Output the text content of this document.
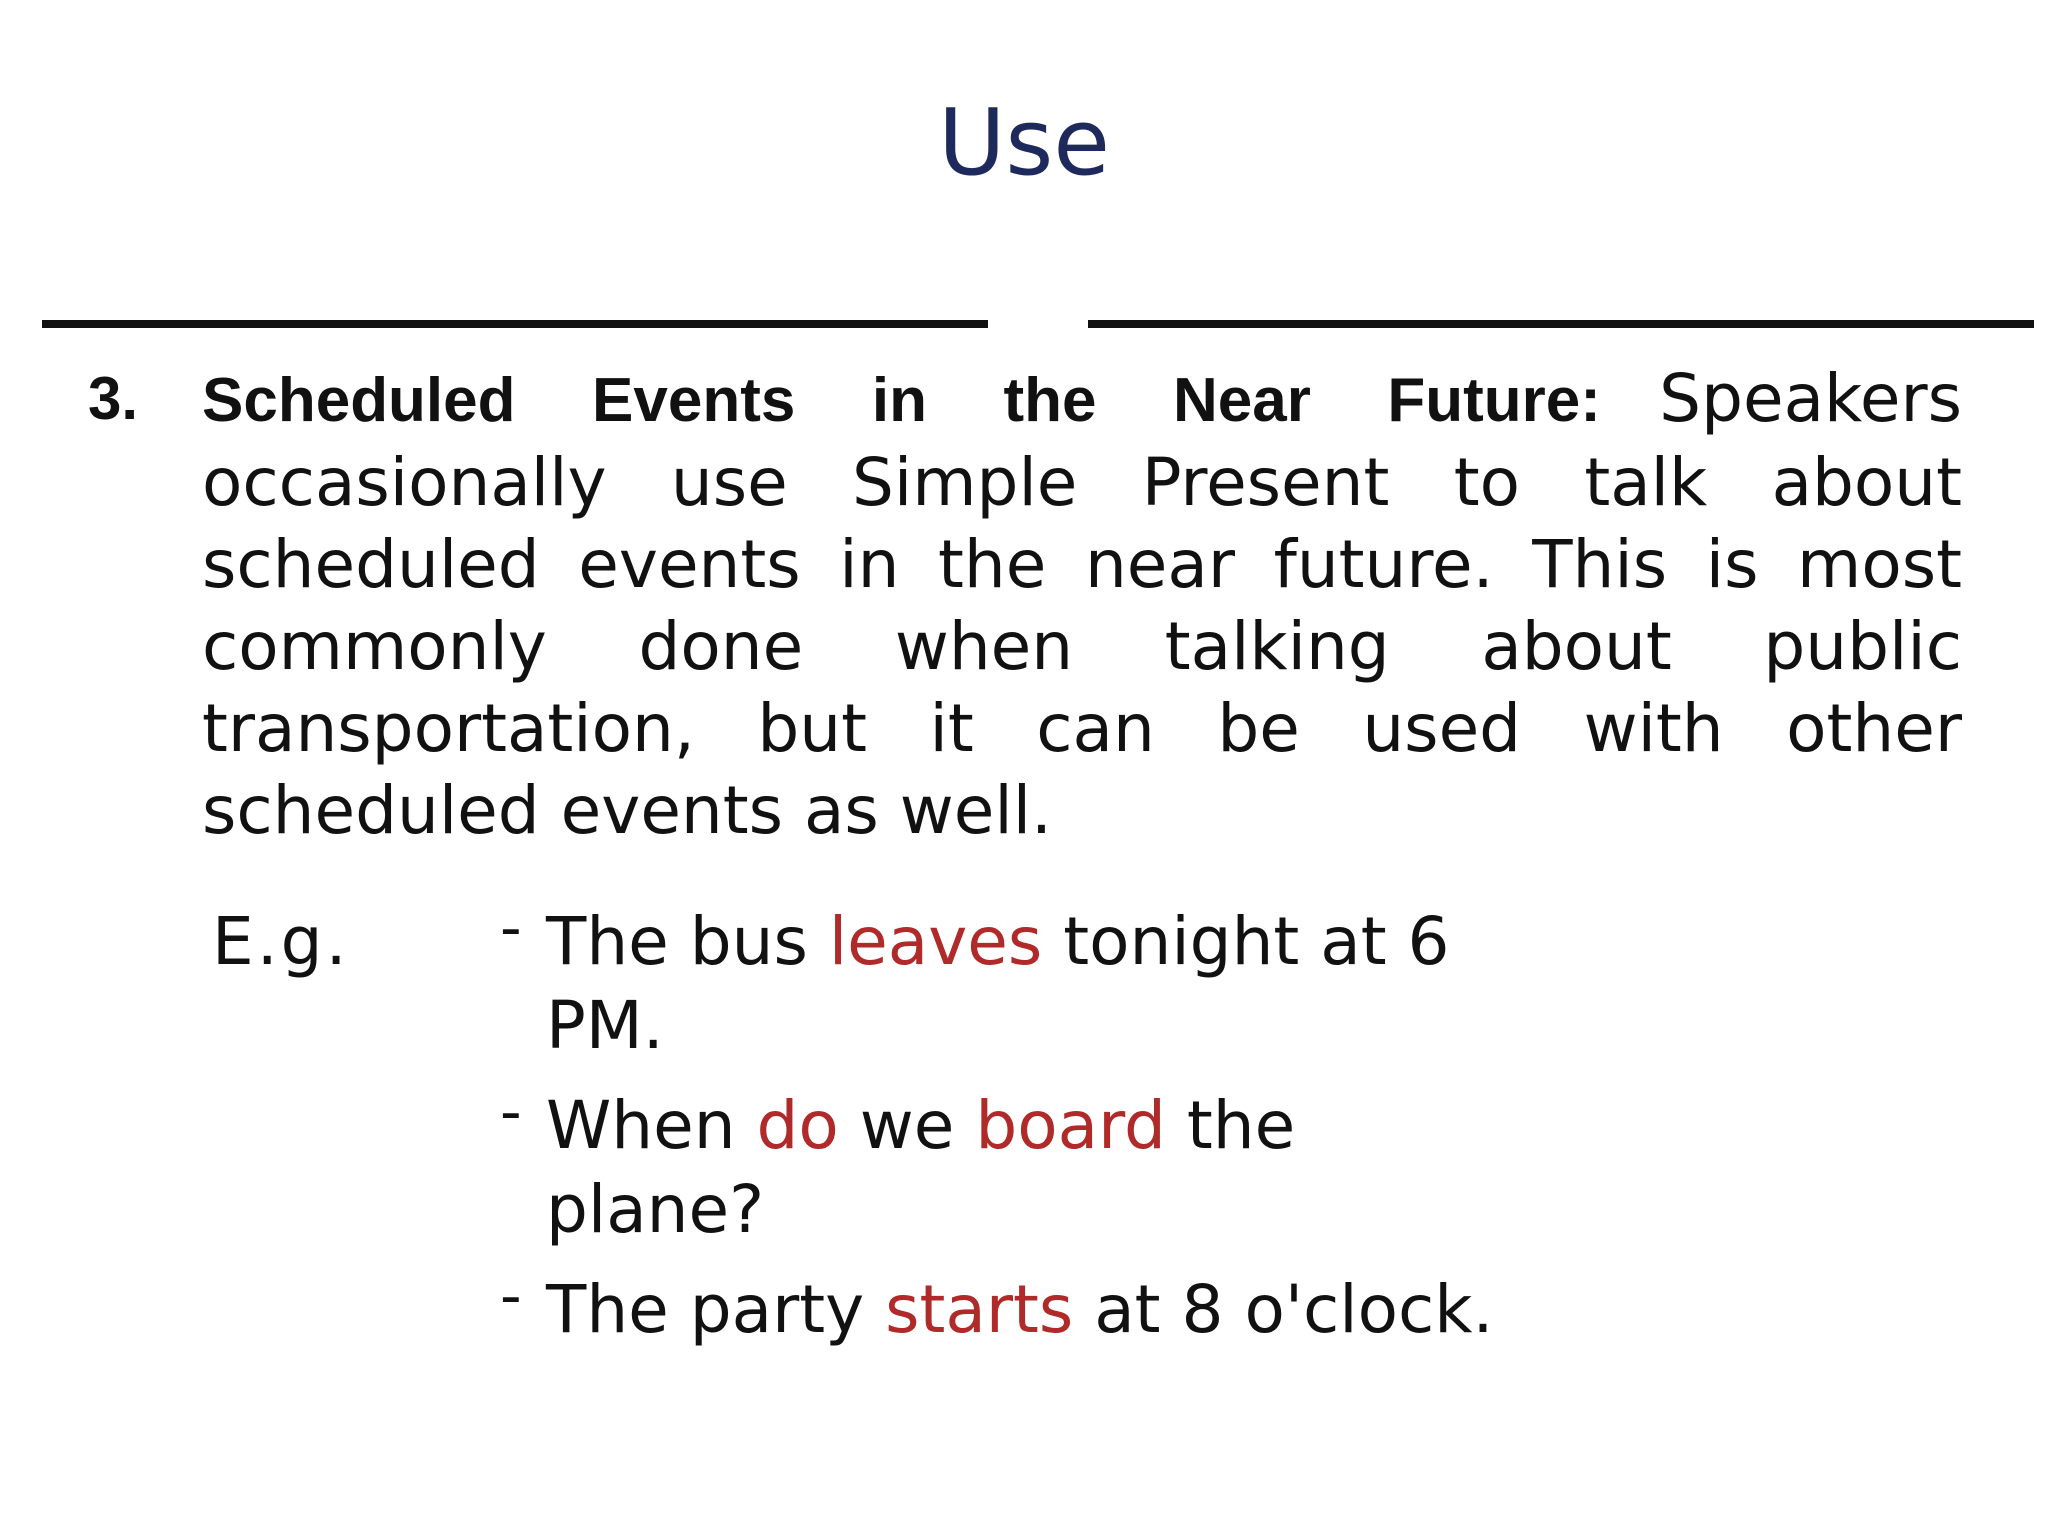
Use
3. Scheduled Events in the Near Future: Speakers occasionally use Simple Present to talk about scheduled events in the near future. This is most commonly done when talking about public transportation, but it can be used with other scheduled events as well.
E.g.	- The bus leaves tonight at 6 PM.
- When do we board the plane?
- The party starts at 8 o'clock.
